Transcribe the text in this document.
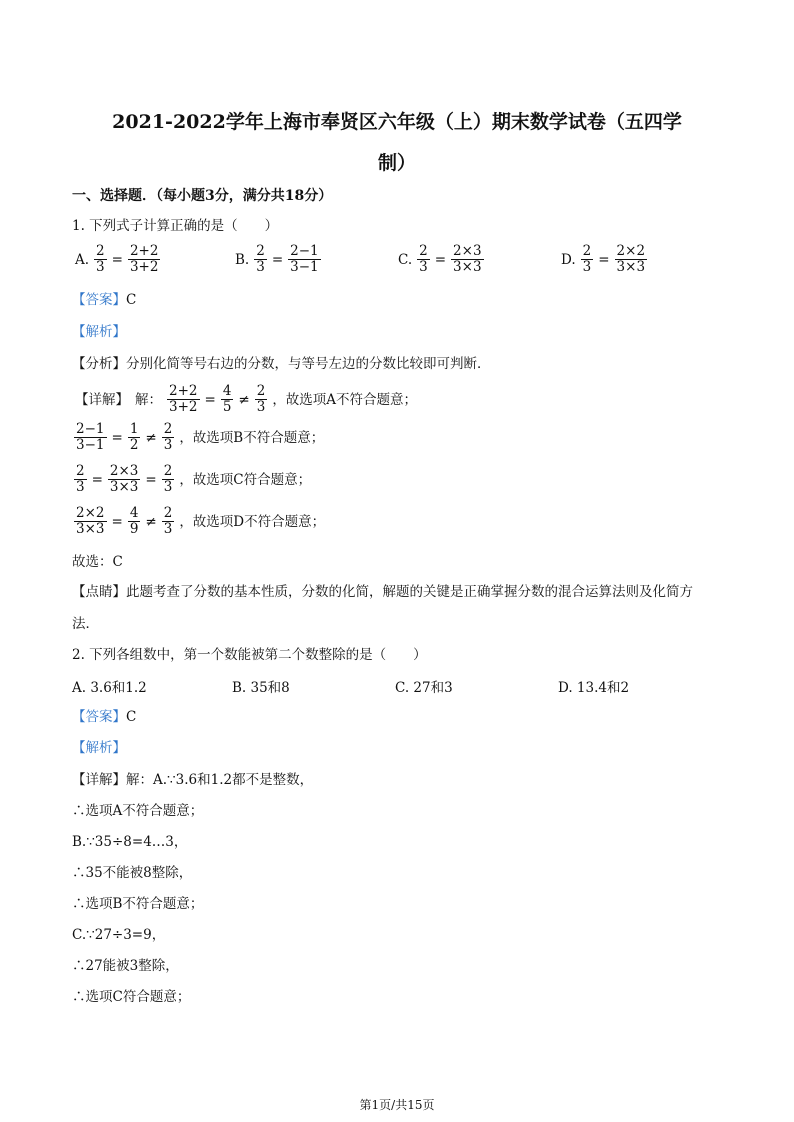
2021-2022学年上海市奉贤区六年级（上）期末数学试卷（五四学
制）
一、选择题．（每小题3分，满分共18分）
1. 下列式子计算正确的是（　　）
A. $\frac{2}{3} = \frac{2+2}{3+2}$	B. $\frac{2}{3} = \frac{2-1}{3-1}$	C. $\frac{2}{3} = \frac{2\times 3}{3\times 3}$	D. $\frac{2}{3} = \frac{2\times 2}{3\times 3}$
【答案】C
【解析】
【分析】分别化简等号右边的分数，与等号左边的分数比较即可判断．
【详解】 解： $\frac{2+2}{3+2} = \frac{4}{5} \ne \frac{2}{3}$ ，故选项A不符合题意；
$\frac{2-1}{3-1} = \frac{1}{2} \ne \frac{2}{3}$ ，故选项B不符合题意；
$\frac{2}{3} = \frac{2\times 3}{3\times 3} = \frac{2}{3}$ ，故选项C符合题意；
$\frac{2\times 2}{3\times 3} = \frac{4}{9} \ne \frac{2}{3}$ ，故选项D不符合题意；
故选：C
【点睛】此题考查了分数的基本性质，分数的化简，解题的关键是正确掌握分数的混合运算法则及化简方
法．
2. 下列各组数中，第一个数能被第二个数整除的是（　　）
A. 3.6和1.2	B. 35和8	C. 27和3	D. 13.4和2
【答案】C
【解析】
【详解】解：A.∵3.6和1.2都不是整数，
∴选项A不符合题意；
B.∵35÷8=4…3，
∴35不能被8整除，
∴选项B不符合题意；
C.∵27÷3=9，
∴27能被3整除，
∴选项C符合题意；
第1页/共15页
